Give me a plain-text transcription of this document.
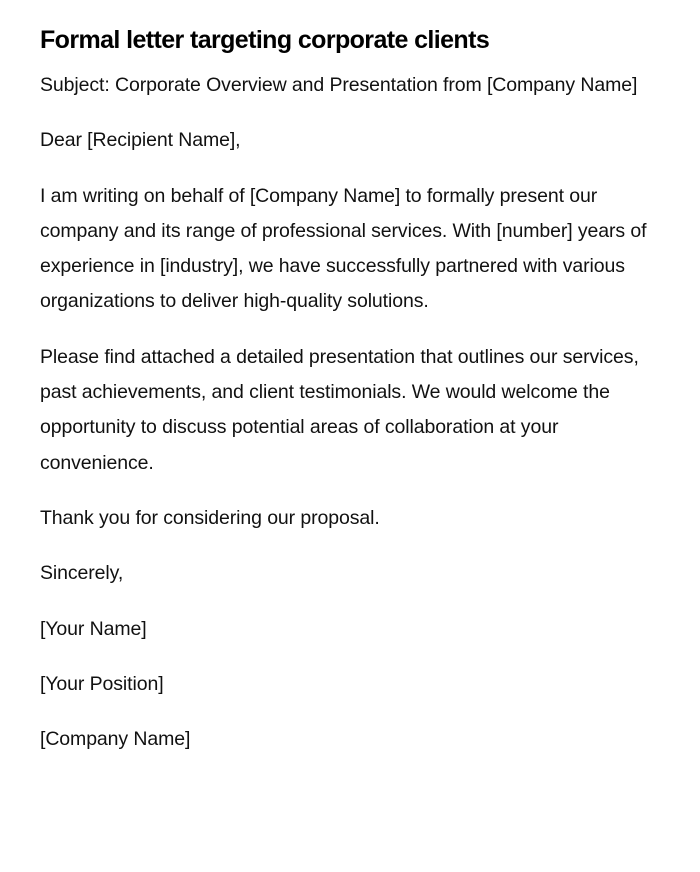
Formal letter targeting corporate clients

Subject: Corporate Overview and Presentation from [Company Name]

Dear [Recipient Name],

I am writing on behalf of [Company Name] to formally present our company and its range of professional services. With [number] years of experience in [industry], we have successfully partnered with various organizations to deliver high-quality solutions.

Please find attached a detailed presentation that outlines our services, past achievements, and client testimonials. We would welcome the opportunity to discuss potential areas of collaboration at your convenience.

Thank you for considering our proposal.

Sincerely,

[Your Name]

[Your Position]

[Company Name]
